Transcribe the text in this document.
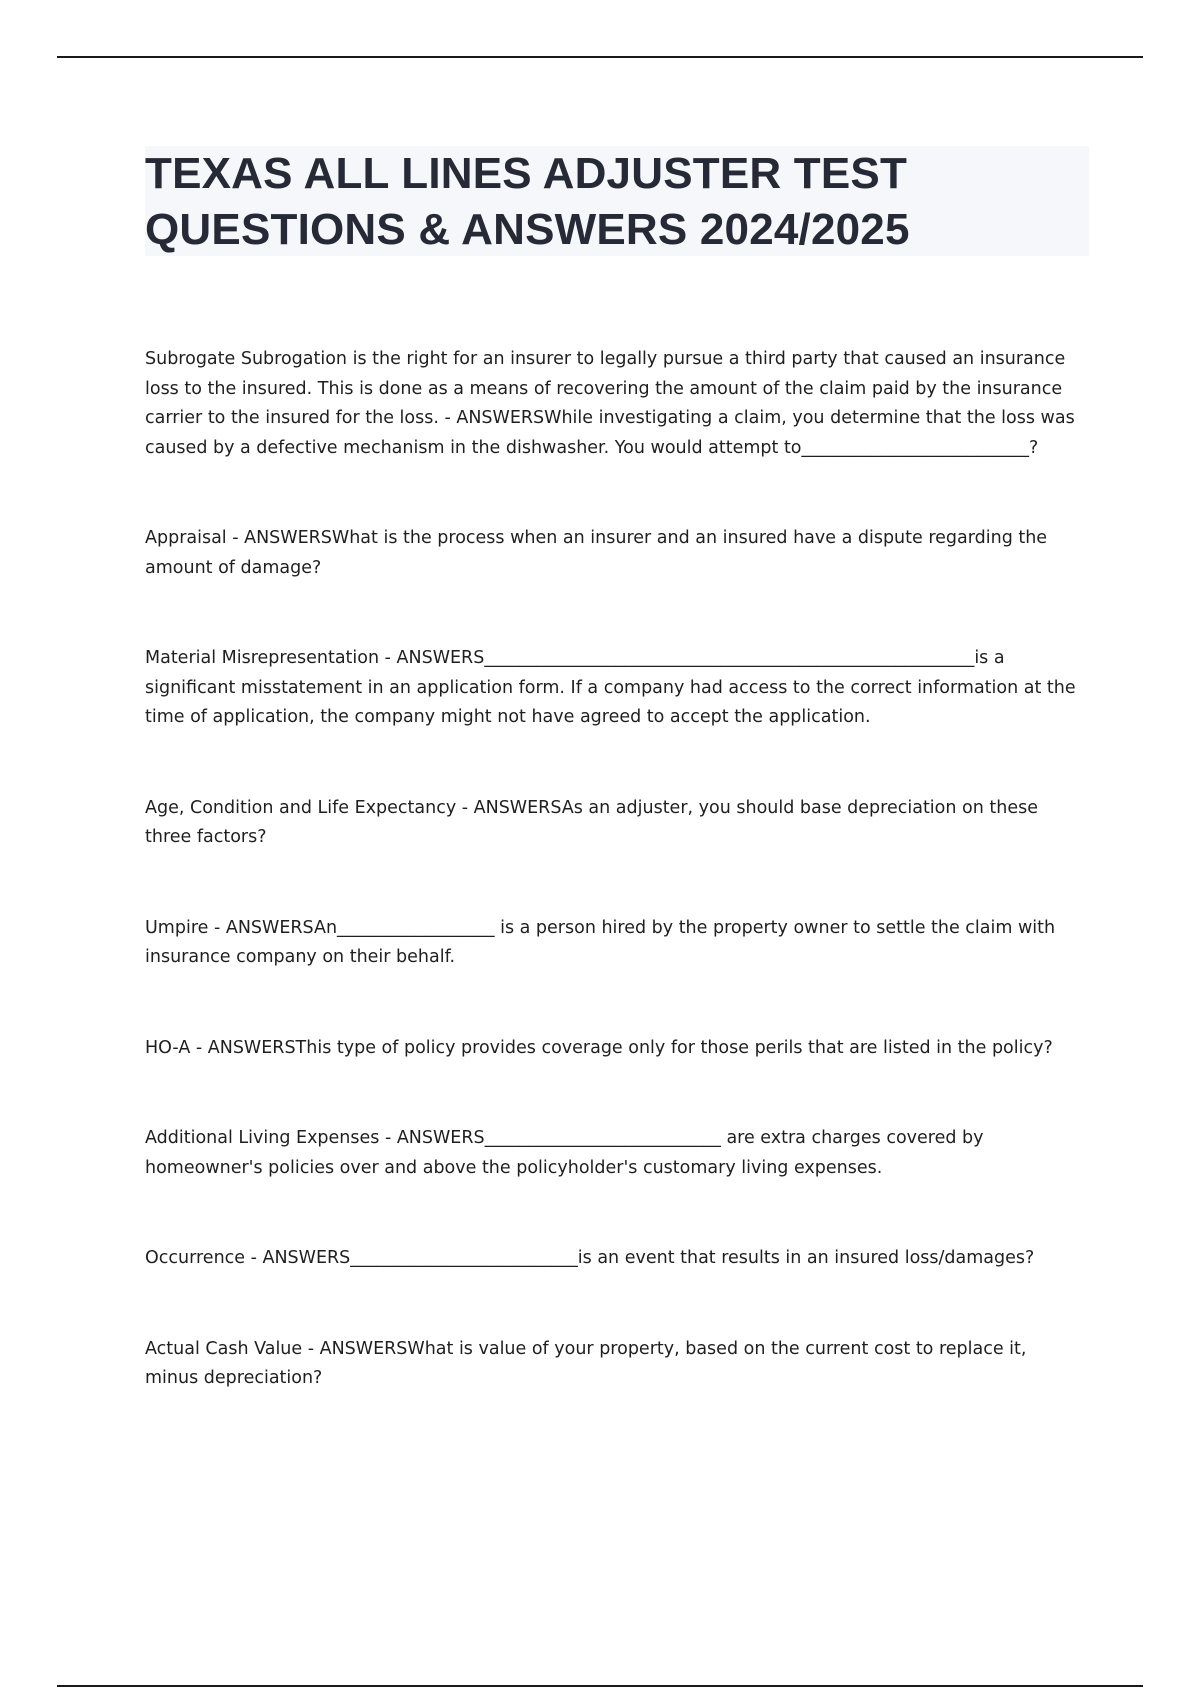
TEXAS ALL LINES ADJUSTER TEST
QUESTIONS & ANSWERS 2024/2025

Subrogate Subrogation is the right for an insurer to legally pursue a third party that caused an insurance loss to the insured. This is done as a means of recovering the amount of the claim paid by the insurance carrier to the insured for the loss. - ANSWERSWhile investigating a claim, you determine that the loss was caused by a defective mechanism in the dishwasher. You would attempt to__________________________?

Appraisal - ANSWERSWhat is the process when an insurer and an insured have a dispute regarding the amount of damage?

Material Misrepresentation - ANSWERS________________________________________________________is a significant misstatement in an application form. If a company had access to the correct information at the time of application, the company might not have agreed to accept the application.

Age, Condition and Life Expectancy - ANSWERSAs an adjuster, you should base depreciation on these three factors?

Umpire - ANSWERSAn__________________ is a person hired by the property owner to settle the claim with insurance company on their behalf.

HO-A - ANSWERSThis type of policy provides coverage only for those perils that are listed in the policy?

Additional Living Expenses - ANSWERS___________________________ are extra charges covered by homeowner's policies over and above the policyholder's customary living expenses.

Occurrence - ANSWERS__________________________is an event that results in an insured loss/damages?

Actual Cash Value - ANSWERSWhat is value of your property, based on the current cost to replace it, minus depreciation?
